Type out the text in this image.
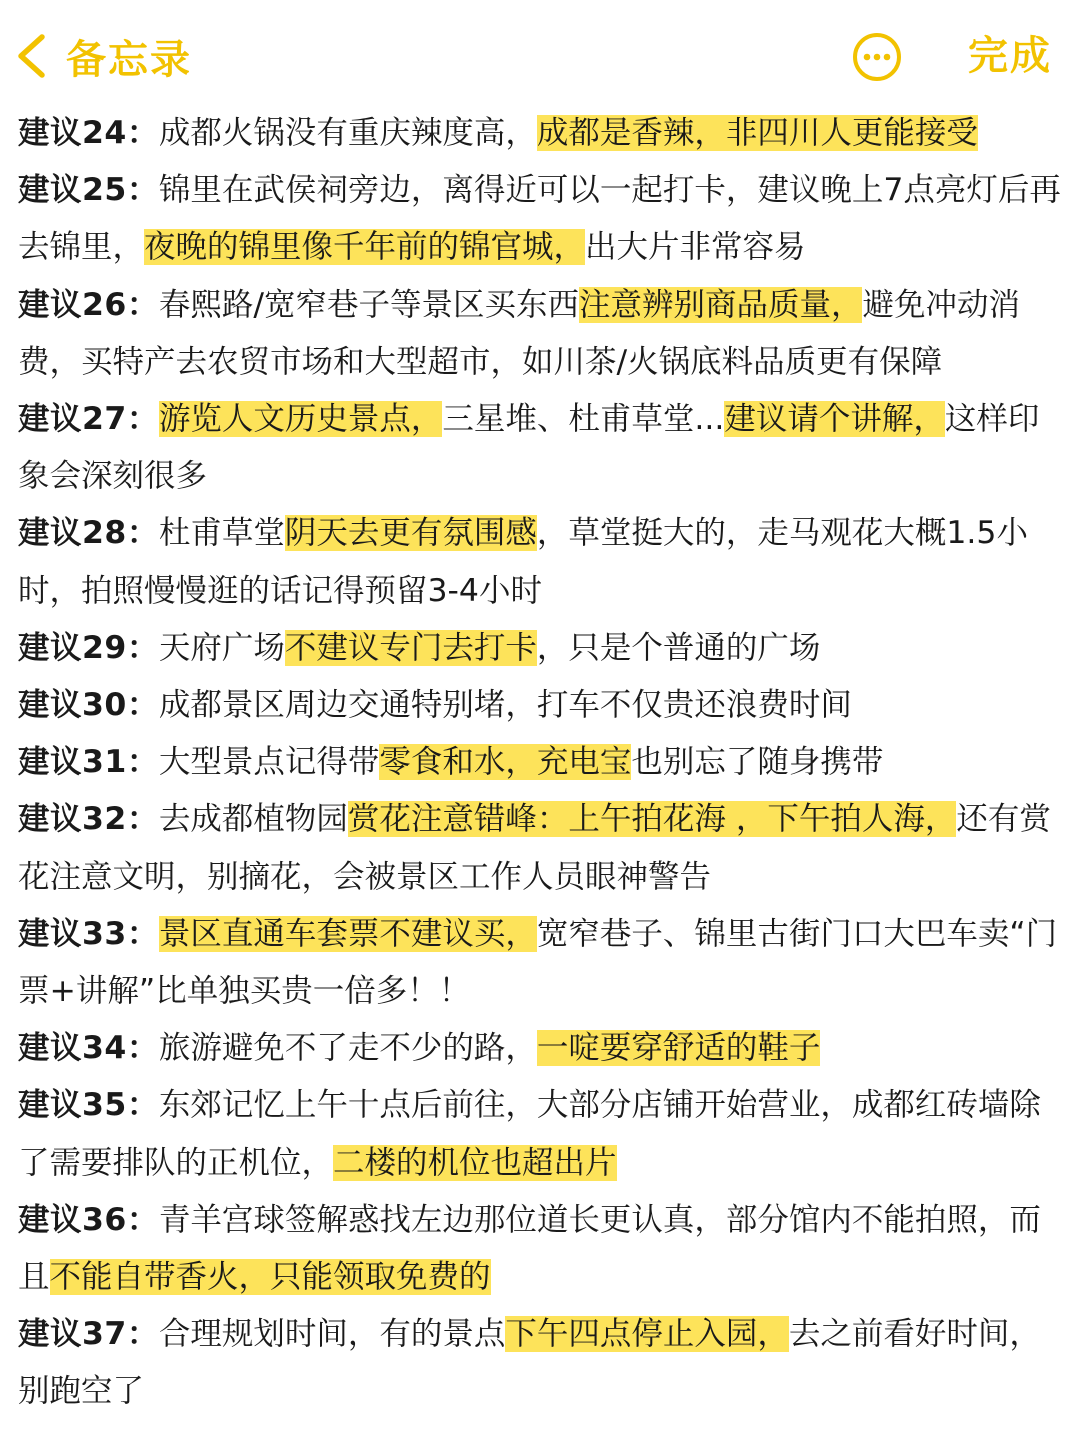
备忘录	完成

建议24：成都火锅没有重庆辣度高，成都是香辣，非四川人更能接受

建议25：锦里在武侯祠旁边，离得近可以一起打卡，建议晚上7点亮灯后再去锦里，夜晚的锦里像千年前的锦官城，出大片非常容易

建议26：春熙路/宽窄巷子等景区买东西注意辨别商品质量，避免冲动消费，买特产去农贸市场和大型超市，如川茶/火锅底料品质更有保障

建议27：游览人文历史景点，三星堆、杜甫草堂...建议请个讲解，这样印象会深刻很多

建议28：杜甫草堂阴天去更有氛围感，草堂挺大的，走马观花大概1.5小时，拍照慢慢逛的话记得预留3-4小时

建议29：天府广场不建议专门去打卡，只是个普通的广场

建议30：成都景区周边交通特别堵，打车不仅贵还浪费时间

建议31：大型景点记得带零食和水，充电宝也别忘了随身携带

建议32：去成都植物园赏花注意错峰：上午拍花海 ，下午拍人海，还有赏花注意文明，别摘花，会被景区工作人员眼神警告

建议33：景区直通车套票不建议买，宽窄巷子、锦里古街门口大巴车卖“门票+讲解”比单独买贵一倍多！！

建议34：旅游避免不了走不少的路，一啶要穿舒适的鞋子

建议35：东郊记忆上午十点后前往，大部分店铺开始营业，成都红砖墙除了需要排队的正机位，二楼的机位也超出片

建议36：青羊宫球签解惑找左边那位道长更认真，部分馆内不能拍照，而且不能自带香火，只能领取免费的

建议37：合理规划时间，有的景点下午四点停止入园，去之前看好时间，别跑空了
